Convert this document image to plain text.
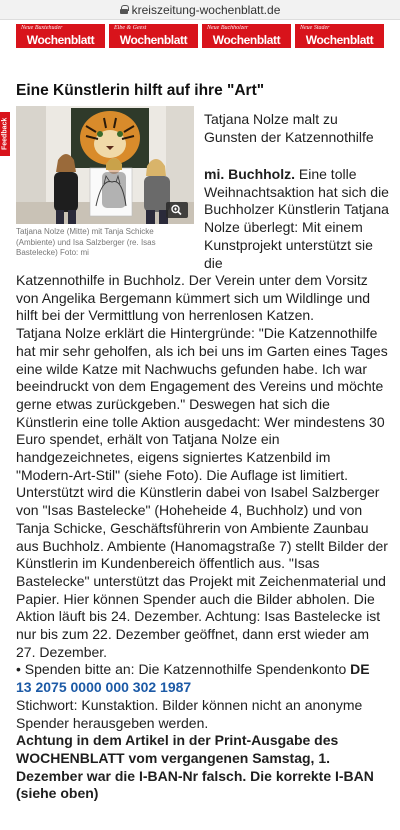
kreiszeitung-wochenblatt.de
Neue Buxtehuder
Wochenblatt
Elbe & Geest
Wochenblatt
Neue Buchholzer
Wochenblatt
Neue Stader
Wochenblatt
Feedback
Eine Künstlerin hilft auf ihre "Art"
Tatjana Nolze (Mitte) mit Tanja Schicke (Ambiente) und Isa Salzberger (re. Isas Bastelecke) Foto: mi
Tatjana Nolze malt zu Gunsten der Katzennothilfe
mi. Buchholz. Eine tolle Weihnachtsaktion hat sich die Buchholzer Künstlerin Tatjana Nolze überlegt: Mit einem Kunstprojekt unterstützt sie die

Katzennothilfe in Buchholz. Der Verein unter dem Vorsitz von Angelika Bergemann kümmert sich um Wildlinge und hilft bei der Vermittlung von herrenlosen Katzen.

Tatjana Nolze erklärt die Hintergründe: "Die Katzennothilfe hat mir sehr geholfen, als ich bei uns im Garten eines Tages eine wilde Katze mit Nachwuchs gefunden habe. Ich war beeindruckt von dem Engagement des Vereins und möchte gerne etwas zurückgeben." Deswegen hat sich die Künstlerin eine tolle Aktion ausgedacht: Wer mindestens 30 Euro spendet, erhält von Tatjana Nolze ein handgezeichnetes, eigens signiertes Katzenbild im "Modern-Art-Stil" (siehe Foto). Die Auflage ist limitiert. Unterstützt wird die Künstlerin dabei von Isabel Salzberger von "Isas Bastelecke" (Hoheheide 4, Buchholz) und von Tanja Schicke, Geschäftsführerin von Ambiente Zaunbau aus Buchholz. Ambiente (Hanomagstraße 7) stellt Bilder der Künstlerin im Kundenbereich öffentlich aus. "Isas Bastelecke" unterstützt das Projekt mit Zeichenmaterial und Papier. Hier können Spender auch die Bilder abholen. Die Aktion läuft bis 24. Dezember. Achtung: Isas Bastelecke ist nur bis zum 22. Dezember geöffnet, dann erst wieder am 27. Dezember.

• Spenden bitte an: Die Katzennothilfe Spendenkonto DE
13 2075 0000 000 302 1987

Stichwort: Kunstaktion. Bilder können nicht an anonyme Spender herausgeben werden.

Achtung in dem Artikel in der Print-Ausgabe des WOCHENBLATT vom vergangenen Samstag, 1. Dezember war die I-BAN-Nr falsch. Die korrekte I-BAN (siehe oben)
